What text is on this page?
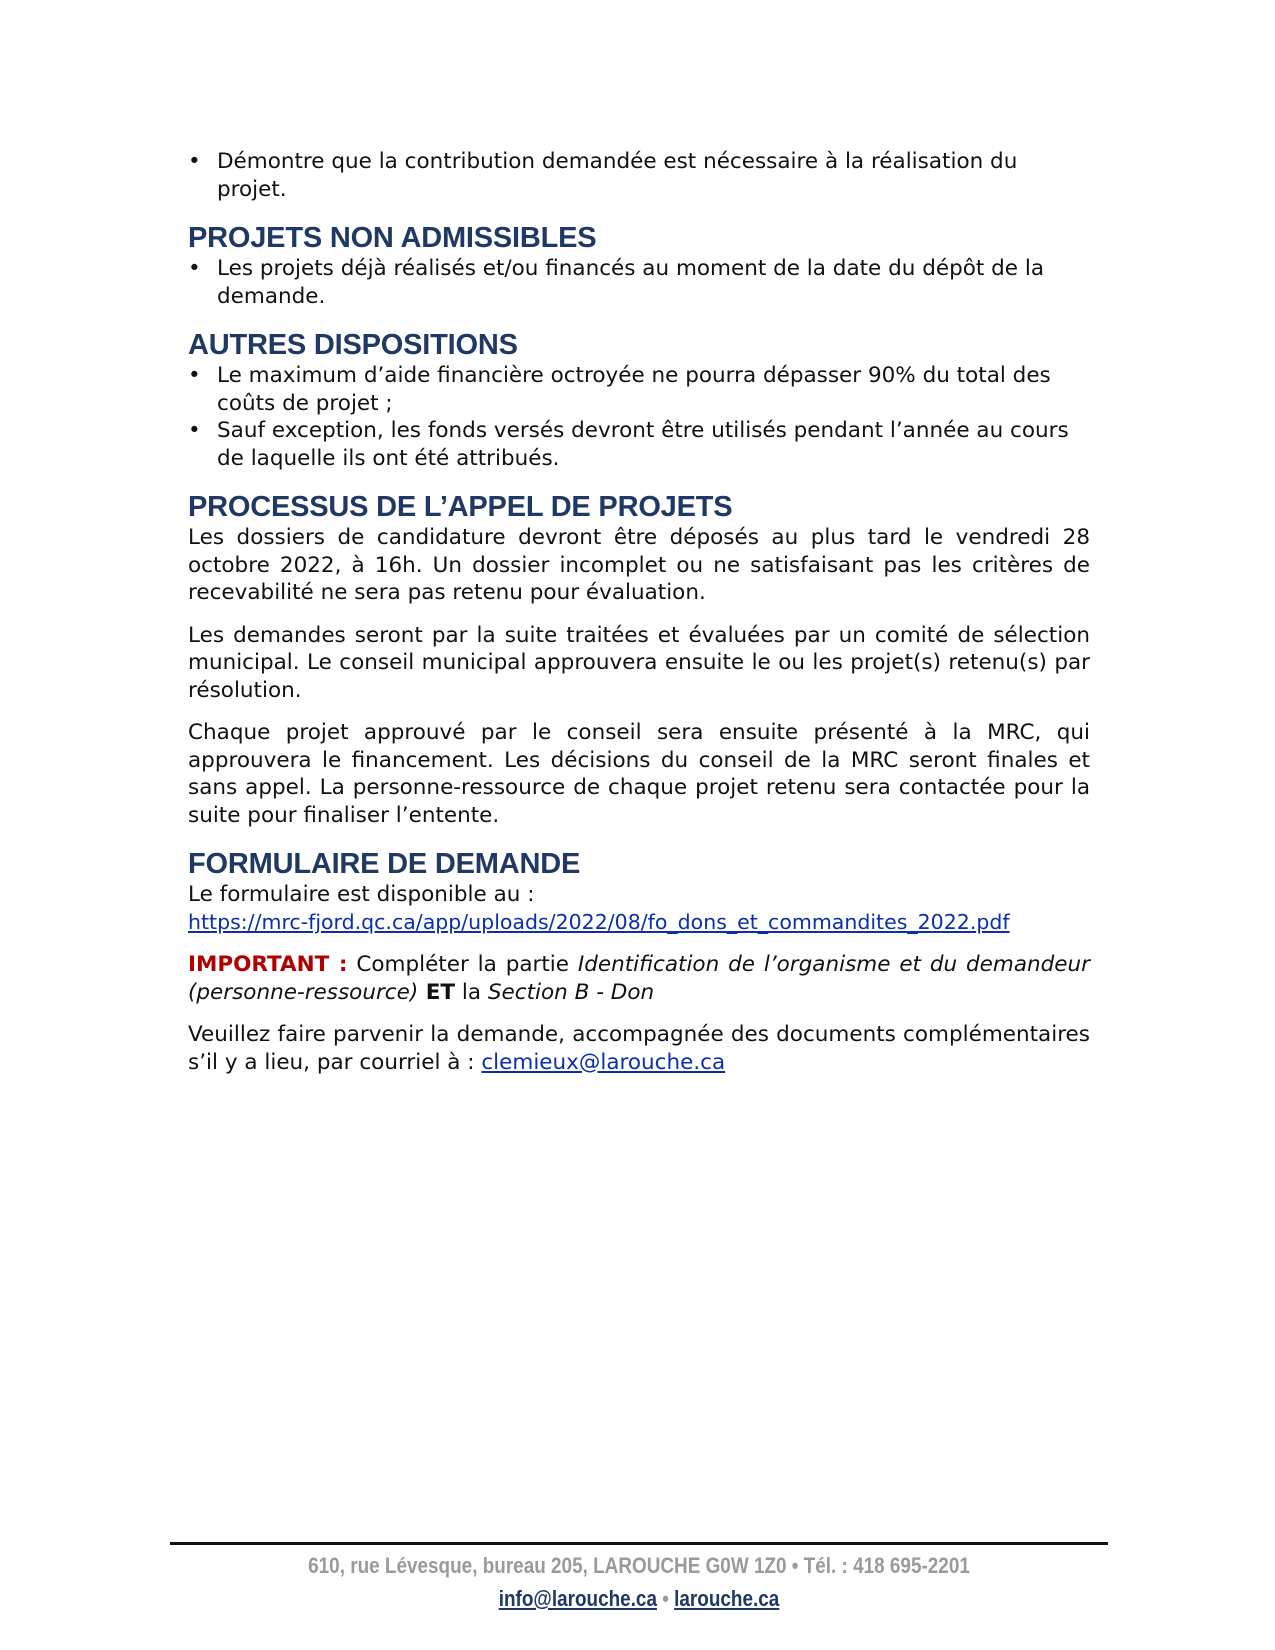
• Démontre que la contribution demandée est nécessaire à la réalisation du projet.
PROJETS NON ADMISSIBLES
• Les projets déjà réalisés et/ou financés au moment de la date du dépôt de la demande.
AUTRES DISPOSITIONS
• Le maximum d’aide financière octroyée ne pourra dépasser 90% du total des coûts de projet ;
• Sauf exception, les fonds versés devront être utilisés pendant l’année au cours de laquelle ils ont été attribués.
PROCESSUS DE L’APPEL DE PROJETS

Les dossiers de candidature devront être déposés au plus tard le vendredi 28 octobre 2022, à 16h. Un dossier incomplet ou ne satisfaisant pas les critères de recevabilité ne sera pas retenu pour évaluation.

Les demandes seront par la suite traitées et évaluées par un comité de sélection municipal. Le conseil municipal approuvera ensuite le ou les projet(s) retenu(s) par résolution.

Chaque projet approuvé par le conseil sera ensuite présenté à la MRC, qui approuvera le financement. Les décisions du conseil de la MRC seront finales et sans appel. La personne-ressource de chaque projet retenu sera contactée pour la suite pour finaliser l’entente.

FORMULAIRE DE DEMANDE

Le formulaire est disponible au :
https://mrc-fjord.qc.ca/app/uploads/2022/08/fo_dons_et_commandites_2022.pdf

IMPORTANT : Compléter la partie Identification de l’organisme et du demandeur (personne-ressource) ET la Section B - Don

Veuillez faire parvenir la demande, accompagnée des documents complémentaires s’il y a lieu, par courriel à : clemieux@larouche.ca

610, rue Lévesque, bureau 205, LAROUCHE G0W 1Z0 • Tél. : 418 695-2201
info@larouche.ca • larouche.ca
